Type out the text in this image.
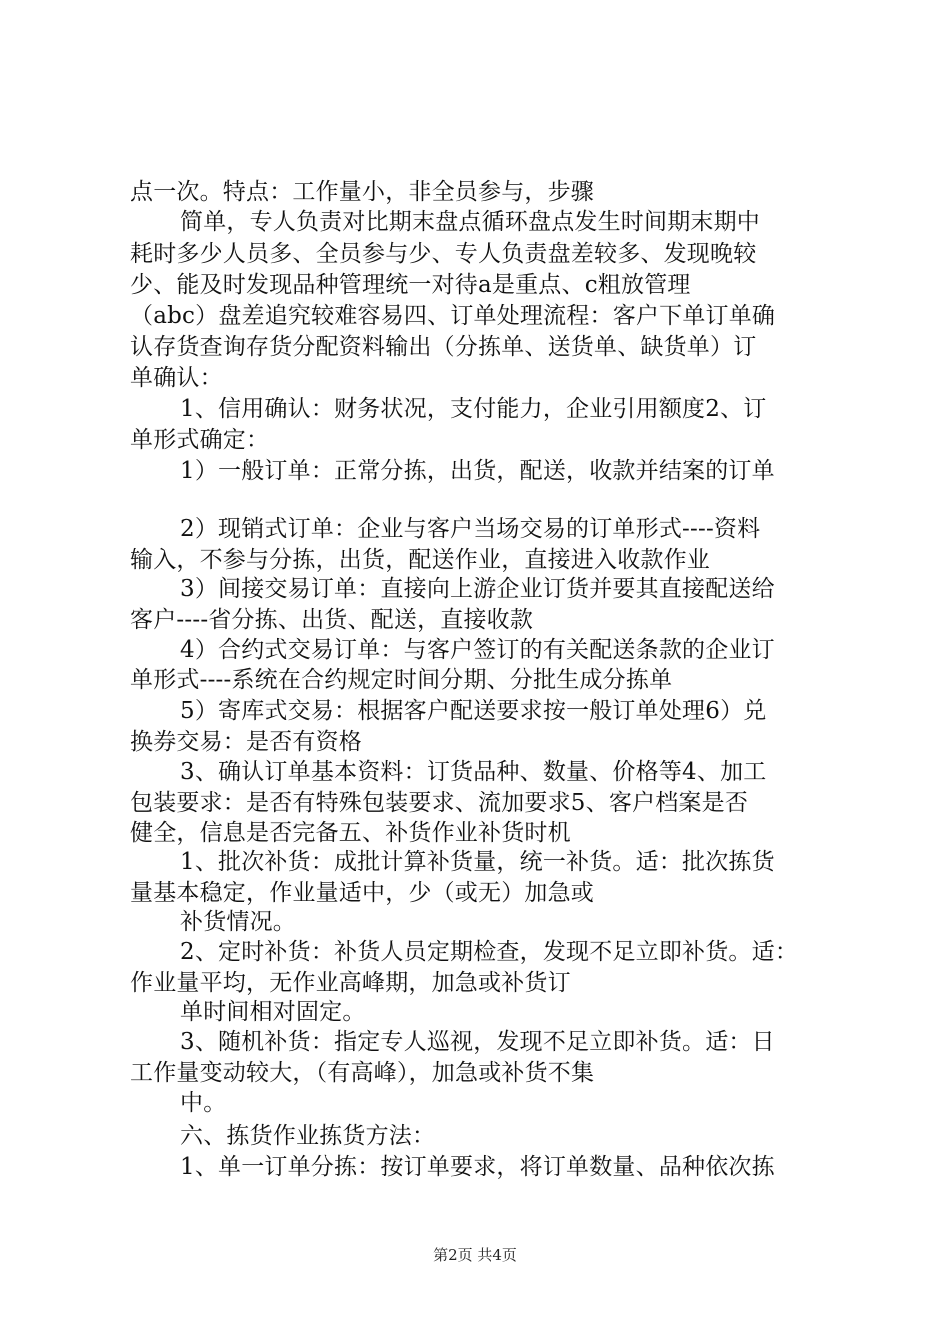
点一次。特点：工作量小，非全员参与，步骤
简单，专人负责对比期末盘点循环盘点发生时间期末期中
耗时多少人员多、全员参与少、专人负责盘差较多、发现晚较
少、能及时发现品种管理统一对待a是重点、c粗放管理
（abc）盘差追究较难容易四、订单处理流程：客户下单订单确
认存货查询存货分配资料输出（分拣单、送货单、缺货单）订
单确认：
1、信用确认：财务状况，支付能力，企业引用额度2、订
单形式确定：
1）一般订单：正常分拣，出货，配送，收款并结案的订单
2）现销式订单：企业与客户当场交易的订单形式----资料
输入，不参与分拣，出货，配送作业，直接进入收款作业
3）间接交易订单：直接向上游企业订货并要其直接配送给
客户----省分拣、出货、配送，直接收款
4）合约式交易订单：与客户签订的有关配送条款的企业订
单形式----系统在合约规定时间分期、分批生成分拣单
5）寄库式交易：根据客户配送要求按一般订单处理6）兑
换券交易：是否有资格
3、确认订单基本资料：订货品种、数量、价格等4、加工
包装要求：是否有特殊包装要求、流加要求5、客户档案是否
健全，信息是否完备五、补货作业补货时机
1、批次补货：成批计算补货量，统一补货。适：批次拣货
量基本稳定，作业量适中，少（或无）加急或
补货情况。
2、定时补货：补货人员定期检查，发现不足立即补货。适：
作业量平均，无作业高峰期，加急或补货订
单时间相对固定。
3、随机补货：指定专人巡视，发现不足立即补货。适：日
工作量变动较大，（有高峰），加急或补货不集
中。
六、拣货作业拣货方法：
1、单一订单分拣：按订单要求，将订单数量、品种依次拣
第2页 共4页
